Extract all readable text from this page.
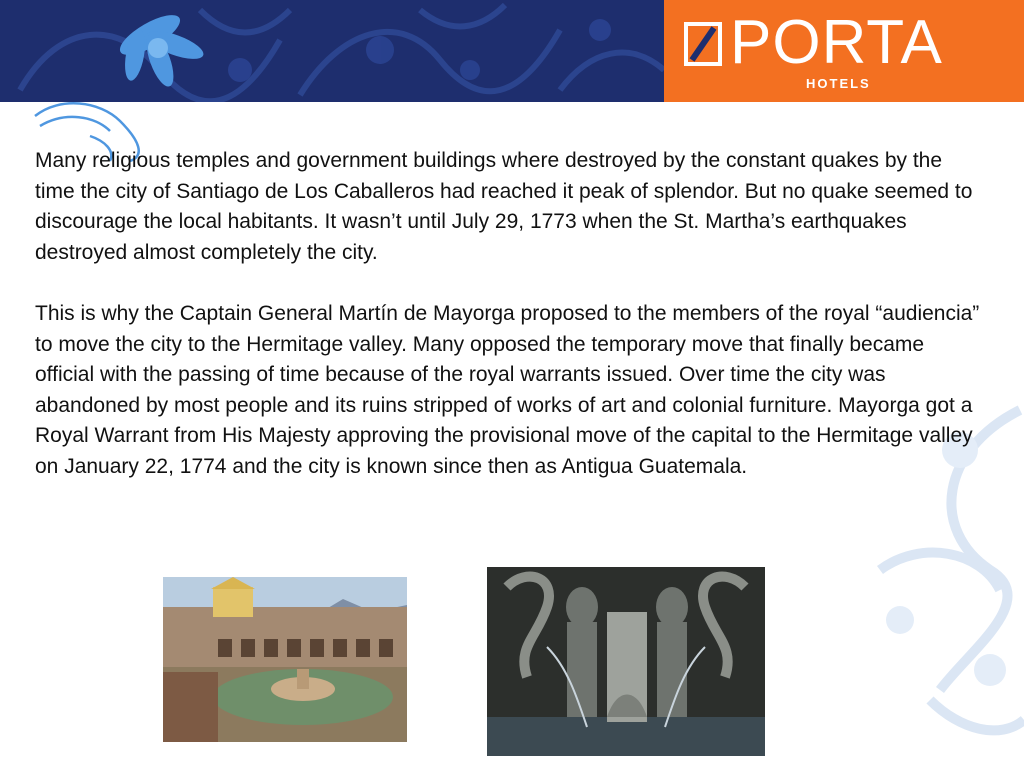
PORTA
HOTELS

Many religious temples and government buildings where destroyed by the constant quakes by the time the city of Santiago de Los Caballeros had reached it peak of splendor. But no quake seemed to discourage the local habitants. It wasn’t until July 29, 1773 when the St. Martha’s earthquakes destroyed almost completely the city.

This is why the Captain General Martín de Mayorga proposed to the members of the royal “audiencia” to move the city to the Hermitage valley. Many opposed the temporary move that finally became official with the passing of time because of the royal warrants issued. Over time the city was abandoned by most people and its ruins stripped of works of art and colonial furniture. Mayorga got a Royal Warrant from His Majesty approving the provisional move of the capital to the Hermitage valley on January 22, 1774 and the city is known since then as Antigua Guatemala.
